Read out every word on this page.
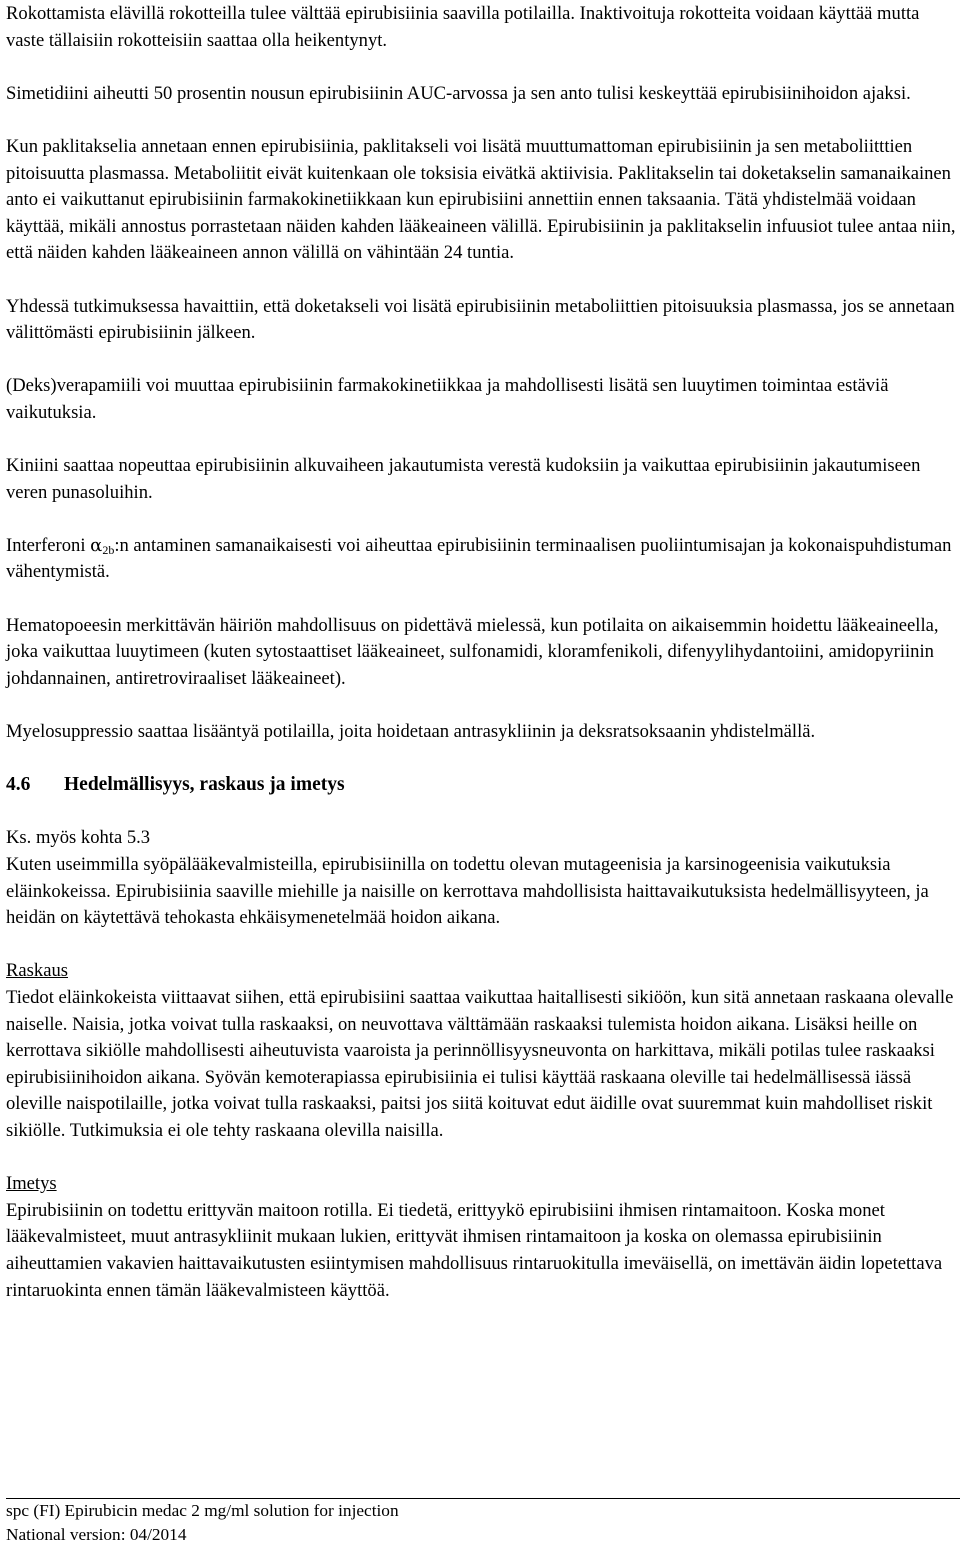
Rokottamista elävillä rokotteilla tulee välttää epirubisiinia saavilla potilailla. Inaktivoituja rokotteita voidaan käyttää mutta vaste tällaisiin rokotteisiin saattaa olla heikentynyt.

Simetidiini aiheutti 50 prosentin nousun epirubisiinin AUC-arvossa ja sen anto tulisi keskeyttää epirubisiinihoidon ajaksi.

Kun paklitakselia annetaan ennen epirubisiinia, paklitakseli voi lisätä muuttumattoman epirubisiinin ja sen metaboliitttien pitoisuutta plasmassa. Metaboliitit eivät kuitenkaan ole toksisia eivätkä aktiivisia. Paklitakselin tai doketakselin samanaikainen anto ei vaikuttanut epirubisiinin farmakokinetiikkaan kun epirubisiini annettiin ennen taksaania. Tätä yhdistelmää voidaan käyttää, mikäli annostus porrastetaan näiden kahden lääkeaineen välillä. Epirubisiinin ja paklitakselin infuusiot tulee antaa niin, että näiden kahden lääkeaineen annon välillä on vähintään 24 tuntia.

Yhdessä tutkimuksessa havaittiin, että doketakseli voi lisätä epirubisiinin metaboliittien pitoisuuksia plasmassa, jos se annetaan välittömästi epirubisiinin jälkeen.

(Deks)verapamiili voi muuttaa epirubisiinin farmakokinetiikkaa ja mahdollisesti lisätä sen luuytimen toimintaa estäviä vaikutuksia.

Kiniini saattaa nopeuttaa epirubisiinin alkuvaiheen jakautumista verestä kudoksiin ja vaikuttaa epirubisiinin jakautumiseen veren punasoluihin.

Interferoni $\alpha_{2b}:n$ antaminen samanaikaisesti voi aiheuttaa epirubisiinin terminaalisen puoliintumisajan ja kokonaispuhdistuman vähentymistä.

Hematopoeesin merkittävän häiriön mahdollisuus on pidettävä mielessä, kun potilaita on aikaisemmin hoidettu lääkeaineella, joka vaikuttaa luuytimeen (kuten sytostaattiset lääkeaineet, sulfonamidi, kloramfenikoli, difenyylihydantoiini, amidopyriinin johdannainen, antiretroviraaliset lääkeaineet).

Myelosuppressio saattaa lisääntyä potilailla, joita hoidetaan antrasykliinin ja deksratsoksaanin yhdistelmällä.

4.6 Hedelmällisyys, raskaus ja imetys

Ks. myös kohta 5.3

Kuten useimmilla syöpälääkevalmisteilla, epirubisiinilla on todettu olevan mutageenisia ja karsinogeenisia vaikutuksia eläinkokeissa. Epirubisiinia saaville miehille ja naisille on kerrottava mahdollisista haittavaikutuksista hedelmällisyyteen, ja heidän on käytettävä tehokasta ehkäisymenetelmää hoidon aikana.

Raskaus

Tiedot eläinkokeista viittaavat siihen, että epirubisiini saattaa vaikuttaa haitallisesti sikiöön, kun sitä annetaan raskaana olevalle naiselle. Naisia, jotka voivat tulla raskaaksi, on neuvottava välttämään raskaaksi tulemista hoidon aikana. Lisäksi heille on kerrottava sikiölle mahdollisesti aiheutuvista vaaroista ja perinnöllisyysneuvonta on harkittava, mikäli potilas tulee raskaaksi epirubisiinihoidon aikana. Syövän kemoterapiassa epirubisiinia ei tulisi käyttää raskaana oleville tai hedelmällisessä iässä oleville naispotilaille, jotka voivat tulla raskaaksi, paitsi jos siitä koituvat edut äidille ovat suuremmat kuin mahdolliset riskit sikiölle. Tutkimuksia ei ole tehty raskaana olevilla naisilla.

Imetys

Epirubisiinin on todettu erittyvän maitoon rotilla. Ei tiedetä, erittyykö epirubisiini ihmisen rintamaitoon. Koska monet lääkevalmisteet, muut antrasykliinit mukaan lukien, erittyvät ihmisen rintamaitoon ja koska on olemassa epirubisiinin aiheuttamien vakavien haittavaikutusten esiintymisen mahdollisuus rintaruokitulla imeväisellä, on imettävän äidin lopetettava rintaruokinta ennen tämän lääkevalmisteen käyttöä.

spc (FI) Epirubicin medac 2 mg/ml solution for injection
National version: 04/2014
